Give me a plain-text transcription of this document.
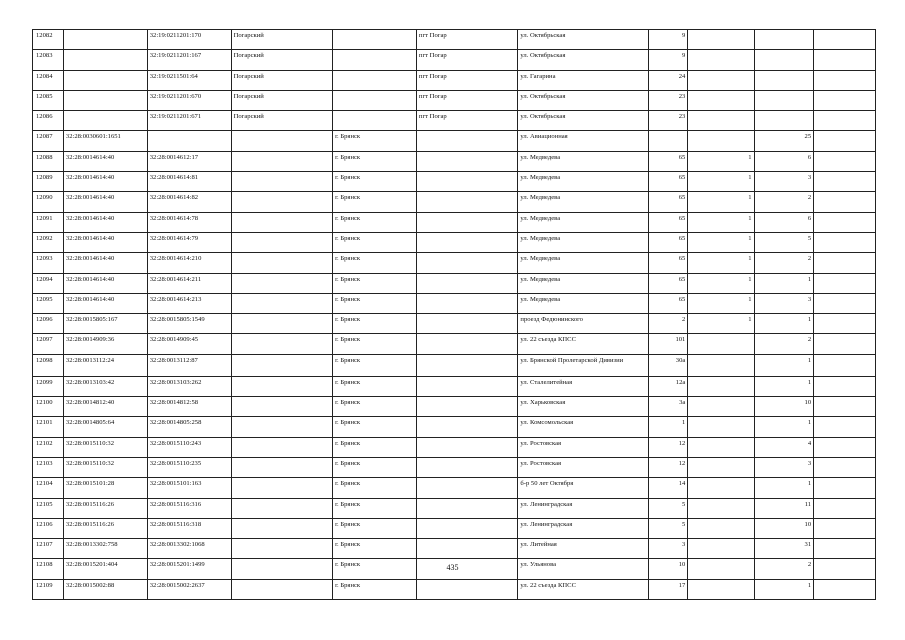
12082		32:19:0211201:170	Погарский		пгт Погар	ул. Октябрьская	9			
12083		32:19:0211201:167	Погарский		пгт Погар	ул. Октябрьская	9			
12084		32:19:0211501:64	Погарский		пгт Погар	ул. Гагарина	24			
12085		32:19:0211201:670	Погарский		пгт Погар	ул. Октябрьская	23			
12086		32:19:0211201:671	Погарский		пгт Погар	ул. Октябрьская	23			
12087	32:28:0030601:1651			г. Брянск		ул. Авиационная			25	
12088	32:28:0014614:40	32:28:0014612:17		г. Брянск		ул. Медведева	65	1	6	
12089	32:28:0014614:40	32:28:0014614:81		г. Брянск		ул. Медведева	65	1	3	
12090	32:28:0014614:40	32:28:0014614:82		г. Брянск		ул. Медведева	65	1	2	
12091	32:28:0014614:40	32:28:0014614:78		г. Брянск		ул. Медведева	65	1	6	
12092	32:28:0014614:40	32:28:0014614:79		г. Брянск		ул. Медведева	65	1	5	
12093	32:28:0014614:40	32:28:0014614:210		г. Брянск		ул. Медведева	65	1	2	
12094	32:28:0014614:40	32:28:0014614:211		г. Брянск		ул. Медведева	65	1	1	
12095	32:28:0014614:40	32:28:0014614:213		г. Брянск		ул. Медведева	65	1	3	
12096	32:28:0015805:167	32:28:0015805:1549		г. Брянск		проезд Федюнинского	2	1	1	
12097	32:28:0014909:36	32:28:0014909:45		г. Брянск		ул. 22 съезда КПСС	101		2	
12098	32:28:0013112:24	32:28:0013112:87		г. Брянск		ул. Брянской Пролетарской Дивизии	30а		1	
12099	32:28:0013103:42	32:28:0013103:262		г. Брянск		ул. Сталелитейная	12а		1	
12100	32:28:0014812:40	32:28:0014812:58		г. Брянск		ул. Харьковская	3а		10	
12101	32:28:0014805:64	32:28:0014805:258		г. Брянск		ул. Комсомольская	1		1	
12102	32:28:0015110:32	32:28:0015110:243		г. Брянск		ул. Ростовская	12		4	
12103	32:28:0015110:32	32:28:0015110:235		г. Брянск		ул. Ростовская	12		3	
12104	32:28:0015101:28	32:28:0015101:163		г. Брянск		б-р 50 лет Октября	14		1	
12105	32:28:0015116:26	32:28:0015116:316		г. Брянск		ул. Ленинградская	5		11	
12106	32:28:0015116:26	32:28:0015116:318		г. Брянск		ул. Ленинградская	5		10	
12107	32:28:0013302:758	32:28:0013302:1068		г. Брянск		ул. Литейная	3		31	
12108	32:28:0015201:404	32:28:0015201:1499		г. Брянск		ул. Ульянова	10		2	
12109	32:28:0015002:88	32:28:0015002:2637		г. Брянск		ул. 22 съезда КПСС	17		1	
435
